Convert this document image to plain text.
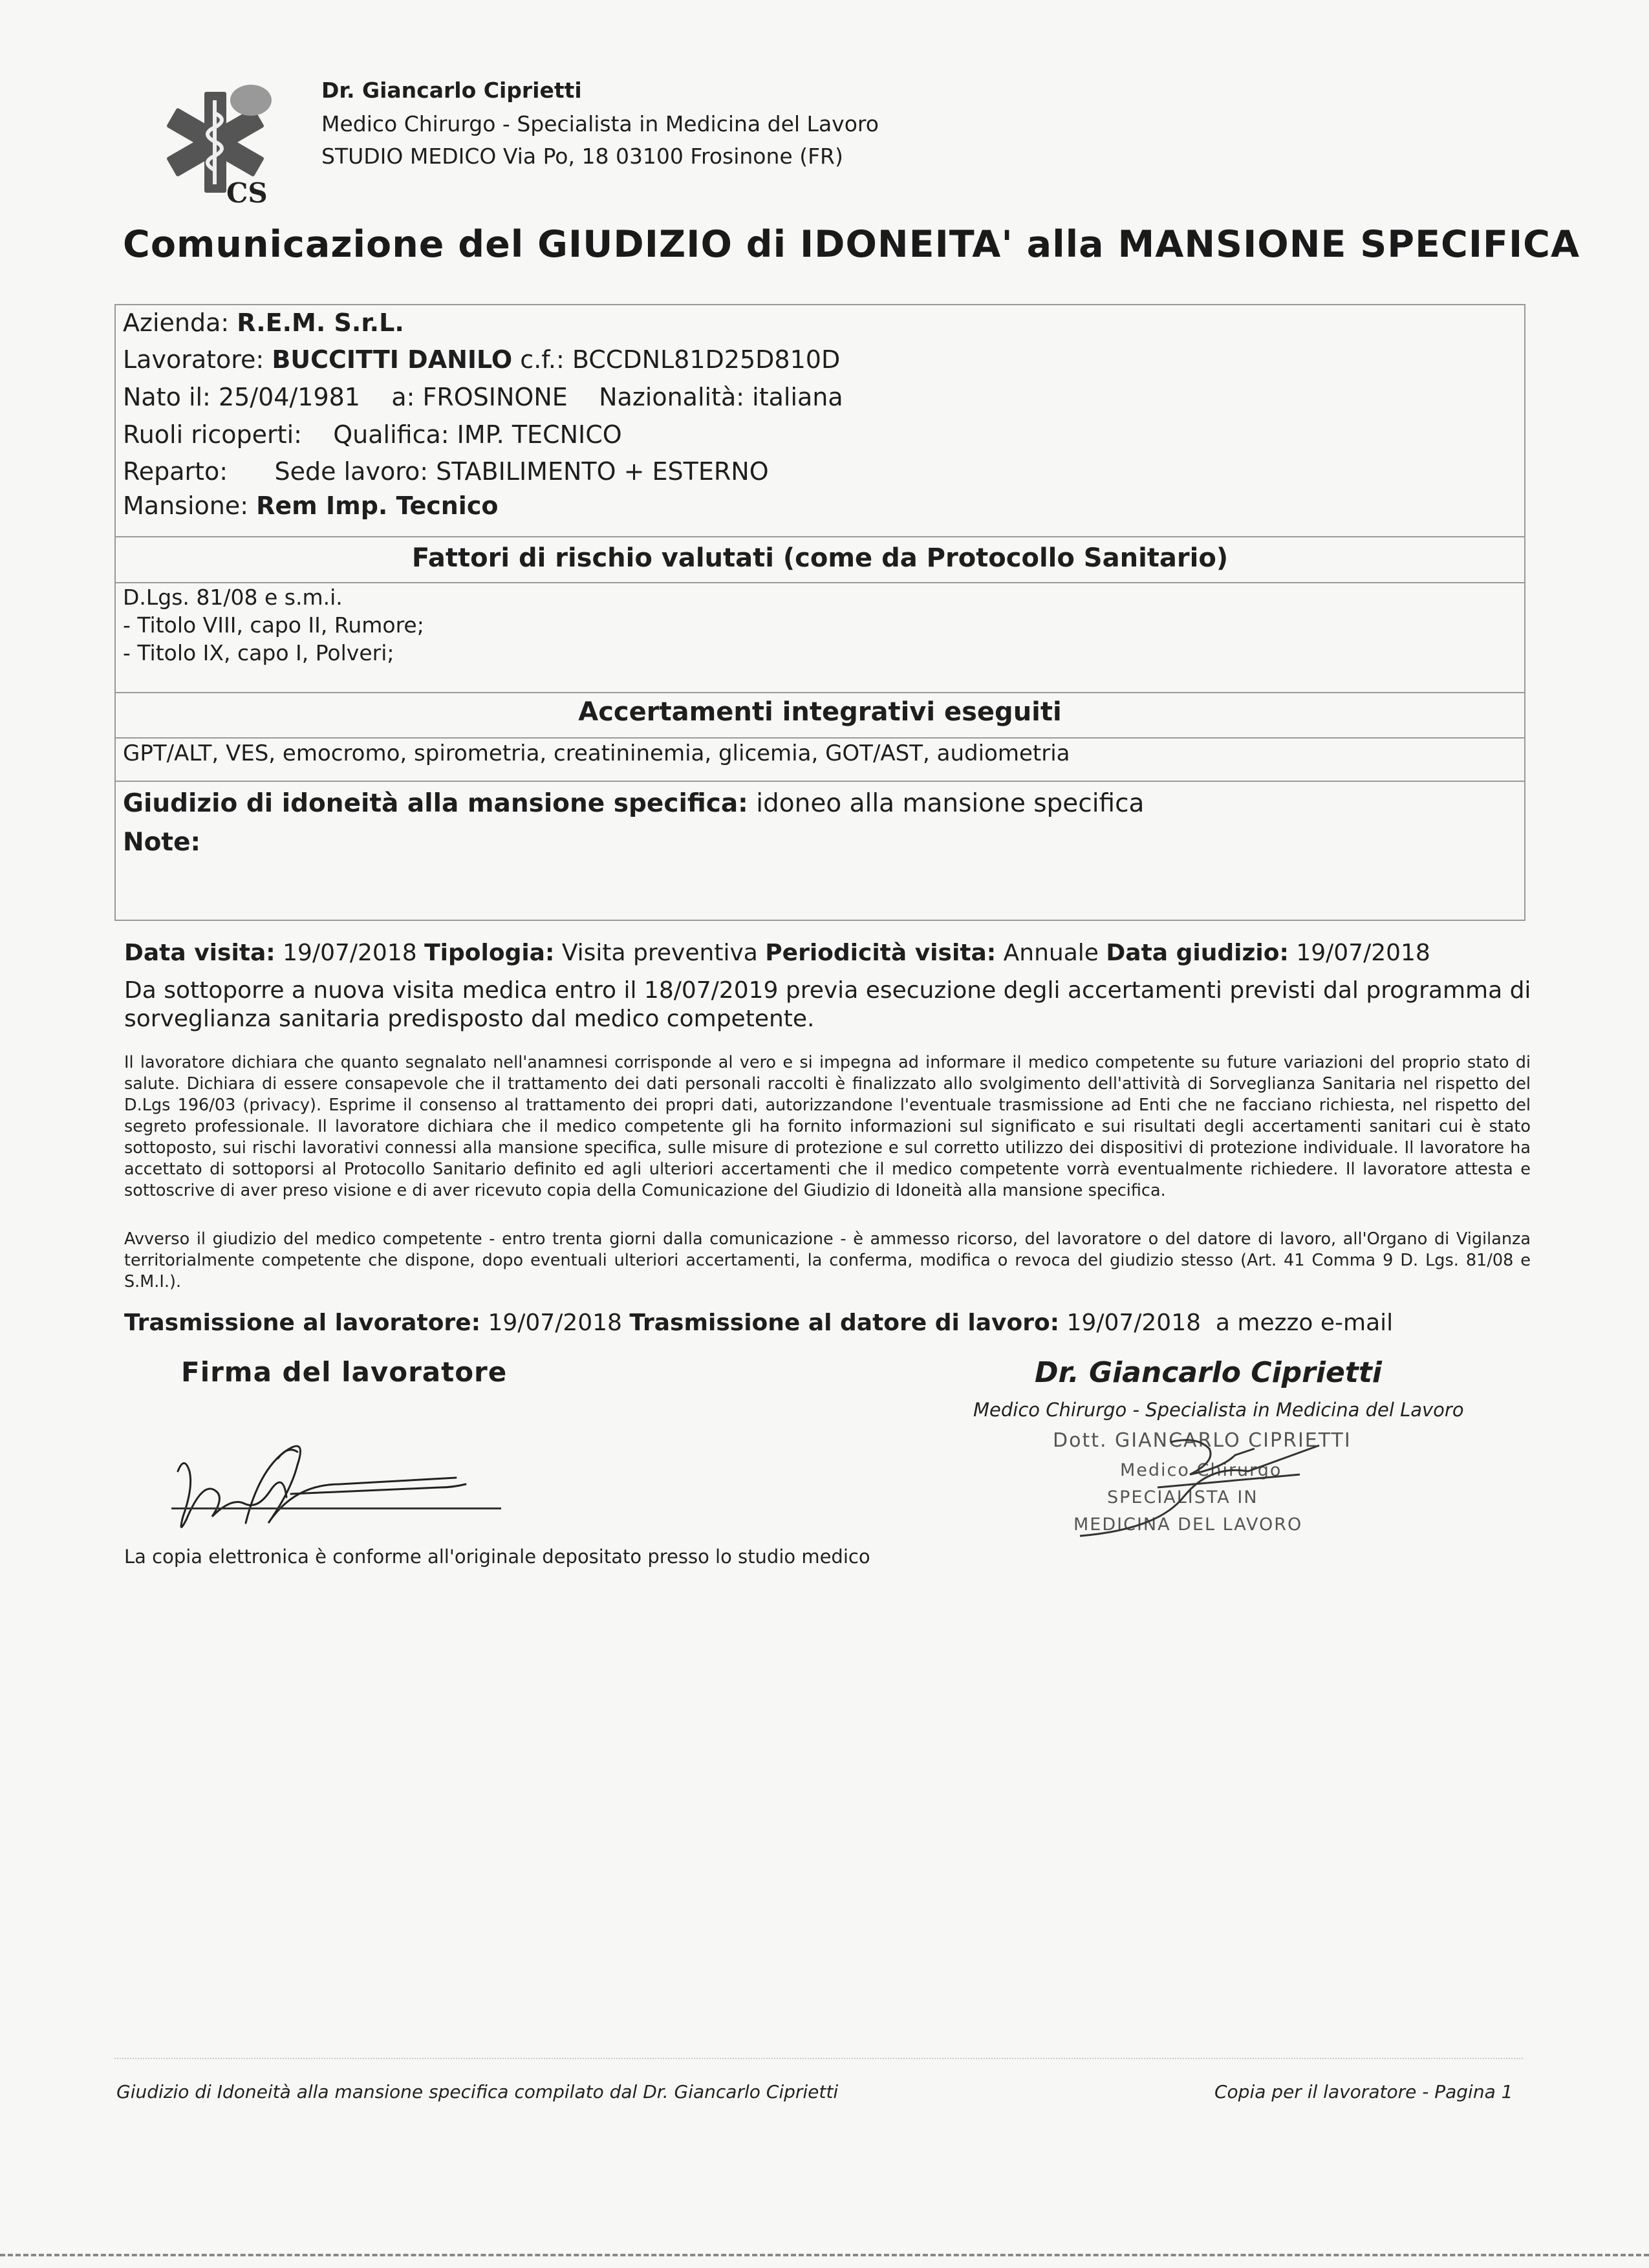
CS
Dr. Giancarlo Ciprietti
Medico Chirurgo - Specialista in Medicina del Lavoro
STUDIO MEDICO Via Po, 18 03100 Frosinone (FR)
Comunicazione del GIUDIZIO di IDONEITA' alla MANSIONE SPECIFICA
Azienda: R.E.M. S.r.L.
Lavoratore: BUCCITTI DANILO c.f.: BCCDNL81D25D810D
Nato il: 25/04/1981 a: FROSINONE Nazionalità: italiana
Ruoli ricoperti: Qualifica: IMP. TECNICO
Reparto: Sede lavoro: STABILIMENTO + ESTERNO
Mansione: Rem Imp. Tecnico
Fattori di rischio valutati (come da Protocollo Sanitario)
D.Lgs. 81/08 e s.m.i.
- Titolo VIII, capo II, Rumore;
- Titolo IX, capo I, Polveri;
Accertamenti integrativi eseguiti
GPT/ALT, VES, emocromo, spirometria, creatininemia, glicemia, GOT/AST, audiometria
Giudizio di idoneità alla mansione specifica: idoneo alla mansione specifica
Note:
Data visita: 19/07/2018 Tipologia: Visita preventiva Periodicità visita: Annuale Data giudizio: 19/07/2018
Da sottoporre a nuova visita medica entro il 18/07/2019 previa esecuzione degli accertamenti previsti dal programma di sorveglianza sanitaria predisposto dal medico competente.
Il lavoratore dichiara che quanto segnalato nell'anamnesi corrisponde al vero e si impegna ad informare il medico competente su future variazioni del proprio stato di salute. Dichiara di essere consapevole che il trattamento dei dati personali raccolti è finalizzato allo svolgimento dell'attività di Sorveglianza Sanitaria nel rispetto del D.Lgs 196/03 (privacy). Esprime il consenso al trattamento dei propri dati, autorizzandone l'eventuale trasmissione ad Enti che ne facciano richiesta, nel rispetto del segreto professionale. Il lavoratore dichiara che il medico competente gli ha fornito informazioni sul significato e sui risultati degli accertamenti sanitari cui è stato sottoposto, sui rischi lavorativi connessi alla mansione specifica, sulle misure di protezione e sul corretto utilizzo dei dispositivi di protezione individuale. Il lavoratore ha accettato di sottoporsi al Protocollo Sanitario definito ed agli ulteriori accertamenti che il medico competente vorrà eventualmente richiedere. Il lavoratore attesta e sottoscrive di aver preso visione e di aver ricevuto copia della Comunicazione del Giudizio di Idoneità alla mansione specifica.
Avverso il giudizio del medico competente - entro trenta giorni dalla comunicazione - è ammesso ricorso, del lavoratore o del datore di lavoro, all'Organo di Vigilanza territorialmente competente che dispone, dopo eventuali ulteriori accertamenti, la conferma, modifica o revoca del giudizio stesso (Art. 41 Comma 9 D. Lgs. 81/08 e S.M.I.).
Trasmissione al lavoratore: 19/07/2018 Trasmissione al datore di lavoro: 19/07/2018 a mezzo e-mail
Firma del lavoratore	Dr. Giancarlo Ciprietti
Medico Chirurgo - Specialista in Medicina del Lavoro
La copia elettronica è conforme all'originale depositato presso lo studio medico
Dott. GIANCARLO CIPRIETTI
Medico Chirurgo
SPECIALISTA IN
MEDICINA DEL LAVORO
Giudizio di Idoneità alla mansione specifica compilato dal Dr. Giancarlo Ciprietti	Copia per il lavoratore - Pagina 1
